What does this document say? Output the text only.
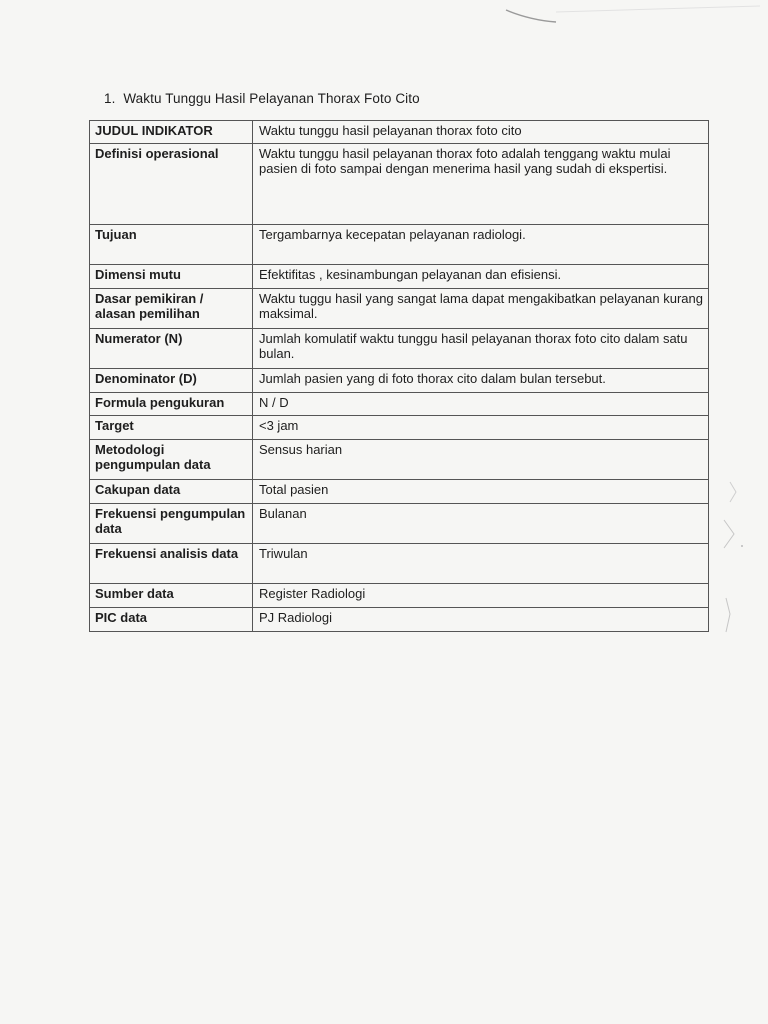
1. Waktu Tunggu Hasil Pelayanan Thorax Foto Cito
JUDUL INDIKATOR	Waktu tunggu hasil pelayanan thorax foto cito
Definisi operasional	Waktu tunggu hasil pelayanan thorax foto adalah tenggang waktu mulai pasien di foto sampai dengan menerima hasil yang sudah di ekspertisi.
Tujuan	Tergambarnya kecepatan pelayanan radiologi.
Dimensi mutu	Efektifitas , kesinambungan pelayanan dan efisiensi.
Dasar pemikiran / alasan pemilihan	Waktu tuggu hasil yang sangat lama dapat mengakibatkan pelayanan kurang maksimal.
Numerator (N)	Jumlah komulatif waktu tunggu hasil pelayanan thorax foto cito dalam satu bulan.
Denominator (D)	Jumlah pasien yang di foto thorax cito dalam bulan tersebut.
Formula pengukuran	N / D
Target	<3 jam
Metodologi pengumpulan data	Sensus harian
Cakupan data	Total pasien
Frekuensi pengumpulan data	Bulanan
Frekuensi analisis data	Triwulan
Sumber data	Register Radiologi
PIC data	PJ Radiologi
